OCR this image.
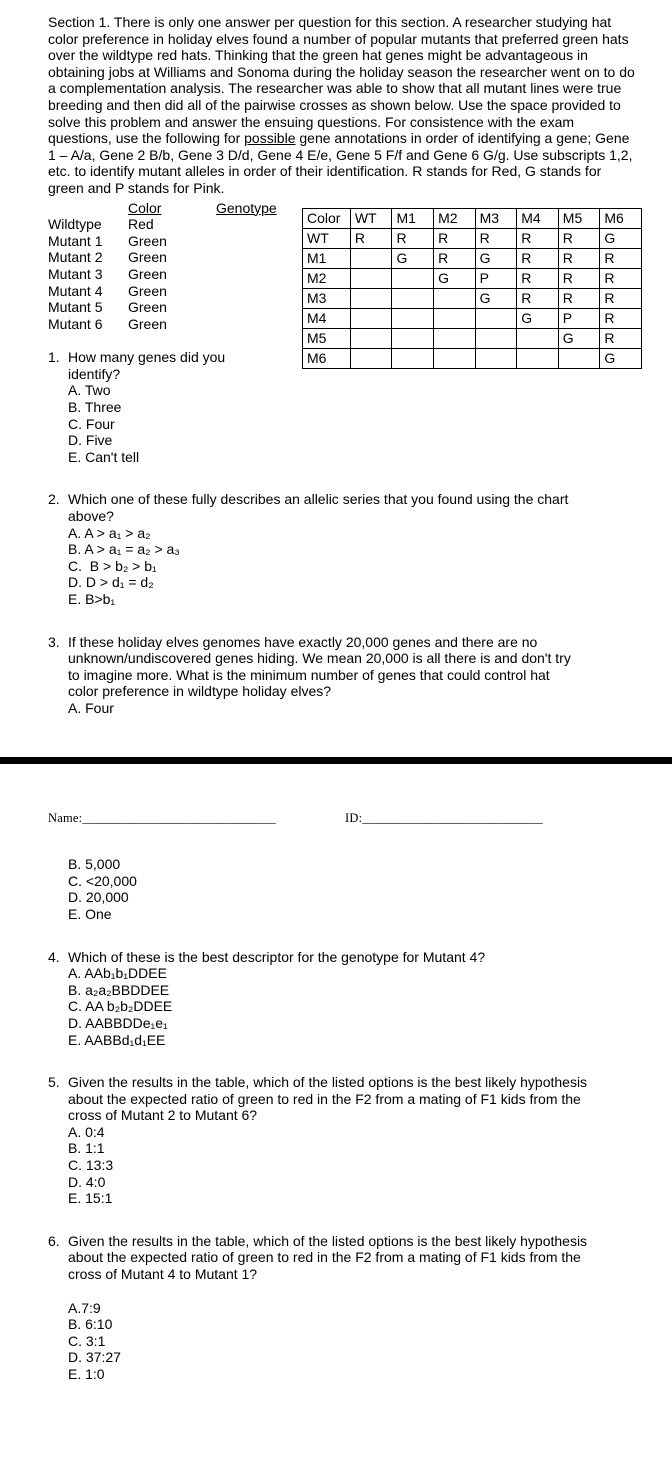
Section 1. There is only one answer per question for this section. A researcher studying hat color preference in holiday elves found a number of popular mutants that preferred green hats over the wildtype red hats. Thinking that the green hat genes might be advantageous in obtaining jobs at Williams and Sonoma during the holiday season the researcher went on to do a complementation analysis. The researcher was able to show that all mutant lines were true breeding and then did all of the pairwise crosses as shown below. Use the space provided to solve this problem and answer the ensuing questions. For consistence with the exam questions, use the following for possible gene annotations in order of identifying a gene; Gene 1 – A/a, Gene 2 B/b, Gene 3 D/d, Gene 4 E/e, Gene 5 F/f and Gene 6 G/g. Use subscripts 1,2, etc. to identify mutant alleles in order of their identification. R stands for Red, G stands for green and P stands for Pink.

Color	Genotype
Wildtype	Red
Mutant 1	Green
Mutant 2	Green
Mutant 3	Green
Mutant 4	Green
Mutant 5	Green
Mutant 6	Green
1. How many genes did you identify?
A. Two
B. Three
C. Four
D. Five
E. Can't tell
Color	WT	M1	M2	M3	M4	M5	M6
WT	R	R	R	R	R	R	G
M1		G	R	G	R	R	R
M2			G	P	R	R	R
M3				G	R	R	R
M4					G	P	R
M5						G	R
M6							G
2. Which one of these fully describes an allelic series that you found using the chart above?
A. A > a₁ > a₂
B. A > a₁ = a₂ > a₃
C.  B > b₂ > b₁
D. D > d₁ = d₂
E. B>b₁
3. If these holiday elves genomes have exactly 20,000 genes and there are no unknown/undiscovered genes hiding. We mean 20,000 is all there is and don't try to imagine more. What is the minimum number of genes that could control hat color preference in wildtype holiday elves?
A. Four
Name:______________________________	ID:____________________________
B. 5,000
C. <20,000
D. 20,000
E. One
4. Which of these is the best descriptor for the genotype for Mutant 4?
A. AAb₁b₁DDEE
B. a₂a₂BBDDEE
C. AA b₂b₂DDEE
D. AABBDDe₁e₁
E. AABBd₁d₁EE
5. Given the results in the table, which of the listed options is the best likely hypothesis about the expected ratio of green to red in the F2 from a mating of F1 kids from the cross of Mutant 2 to Mutant 6?
A. 0:4
B. 1:1
C. 13:3
D. 4:0
E. 15:1
6. Given the results in the table, which of the listed options is the best likely hypothesis about the expected ratio of green to red in the F2 from a mating of F1 kids from the cross of Mutant 4 to Mutant 1?
A.7:9
B. 6:10
C. 3:1
D. 37:27
E. 1:0
